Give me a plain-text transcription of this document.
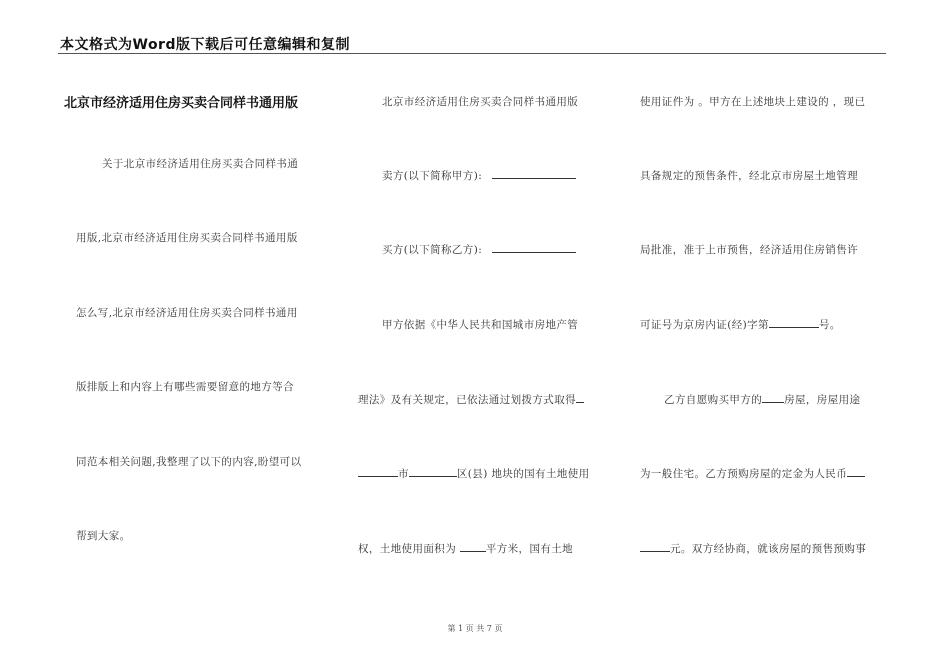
本文格式为Word版下载后可任意编辑和复制
北京市经济适用住房买卖合同样书通用版
关于北京市经济适用住房买卖合同样书通
用版,北京市经济适用住房买卖合同样书通用版
怎么写,北京市经济适用住房买卖合同样书通用
版排版上和内容上有哪些需要留意的地方等合
同范本相关问题,我整理了以下的内容,盼望可以
帮到大家。
北京市经济适用住房买卖合同样书通用版
卖方(以下简称甲方):
买方(以下简称乙方):
甲方依据《中华人民共和国城市房地产管
理法》及有关规定，已依法通过划拨方式取得
市	区(县) 地块的国有土地使用
权，土地使用面积为	平方米，国有土地
使用证件为 。甲方在上述地块上建设的 ，现已
具备规定的预售条件，经北京市房屋土地管理
局批准，准于上市预售，经济适用住房销售许
可证号为京房内证(经)字第	号。
乙方自愿购买甲方的 房屋，房屋用途
为一般住宅。乙方预购房屋的定金为人民币
元。双方经协商，就该房屋的预售预购事
第 1 页 共 7 页
